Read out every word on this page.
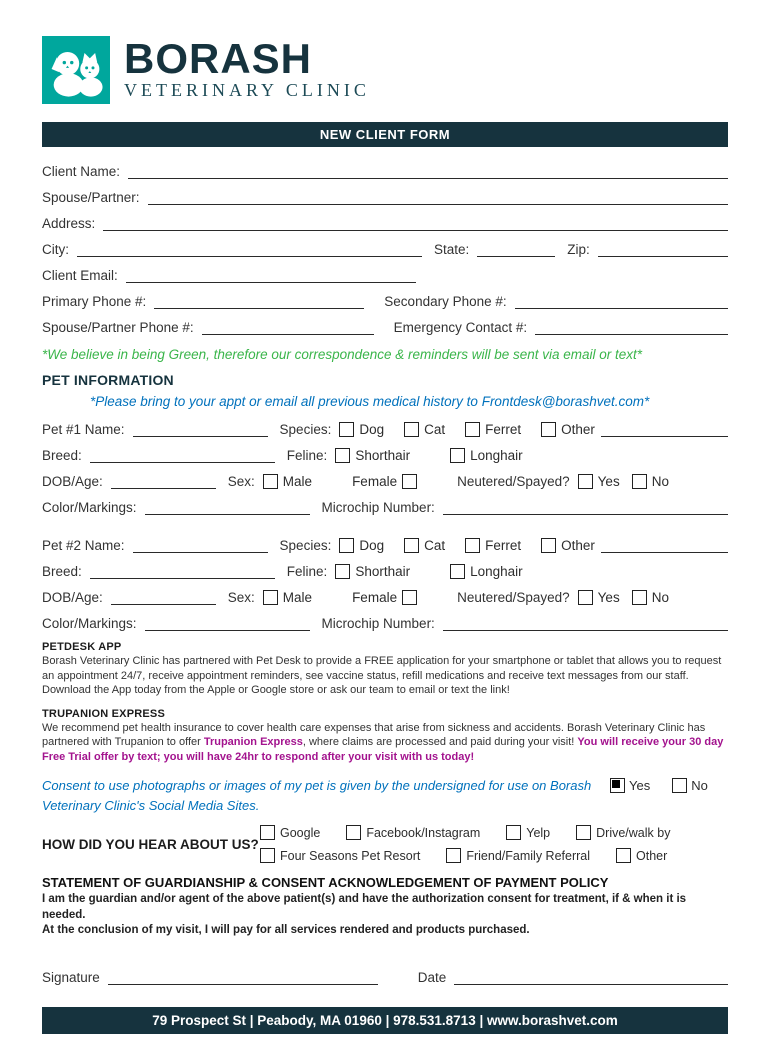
BORASH
VETERINARY CLINIC
NEW CLIENT FORM
Client Name:
Spouse/Partner:
Address:
City:	State:	Zip:
Client Email:
Primary Phone #:	Secondary Phone #:
Spouse/Partner Phone #:	Emergency Contact #:
*We believe in being Green, therefore our correspondence & reminders will be sent via email or text*
PET INFORMATION
*Please bring to your appt or email all previous medical history to Frontdesk@borashvet.com*
Pet #1 Name:	Species: Dog	Cat	Ferret	Other
Breed:	Feline: Shorthair	Longhair
DOB/Age:	Sex: Male	Female	Neutered/Spayed? Yes No
Color/Markings:	Microchip Number:
Pet #2 Name:	Species: Dog	Cat	Ferret	Other
Breed:	Feline: Shorthair	Longhair
DOB/Age:	Sex: Male	Female	Neutered/Spayed? Yes No
Color/Markings:	Microchip Number:
PETDESK APP
Borash Veterinary Clinic has partnered with Pet Desk to provide a FREE application for your smartphone or tablet that allows you to request an appointment 24/7, receive appointment reminders, see vaccine status, refill medications and receive text messages from our staff. Download the App today from the Apple or Google store or ask our team to email or text the link!
TRUPANION EXPRESS
We recommend pet health insurance to cover health care expenses that arise from sickness and accidents. Borash Veterinary Clinic has partnered with Trupanion to offer Trupanion Express, where claims are processed and paid during your visit! You will receive your 30 day Free Trial offer by text; you will have 24hr to respond after your visit with us today!
Consent to use photographs or images of my pet is given by the undersigned for use on Borash Veterinary Clinic's Social Media Sites.
Yes	No
HOW DID YOU HEAR ABOUT US?
Google	Facebook/Instagram	Yelp	Drive/walk by
Four Seasons Pet Resort	Friend/Family Referral	Other
STATEMENT OF GUARDIANSHIP & CONSENT ACKNOWLEDGEMENT OF PAYMENT POLICY
I am the guardian and/or agent of the above patient(s) and have the authorization consent for treatment, if & when it is needed.
At the conclusion of my visit, I will pay for all services rendered and products purchased.
Signature	Date
79 Prospect St | Peabody, MA 01960 | 978.531.8713 | www.borashvet.com
